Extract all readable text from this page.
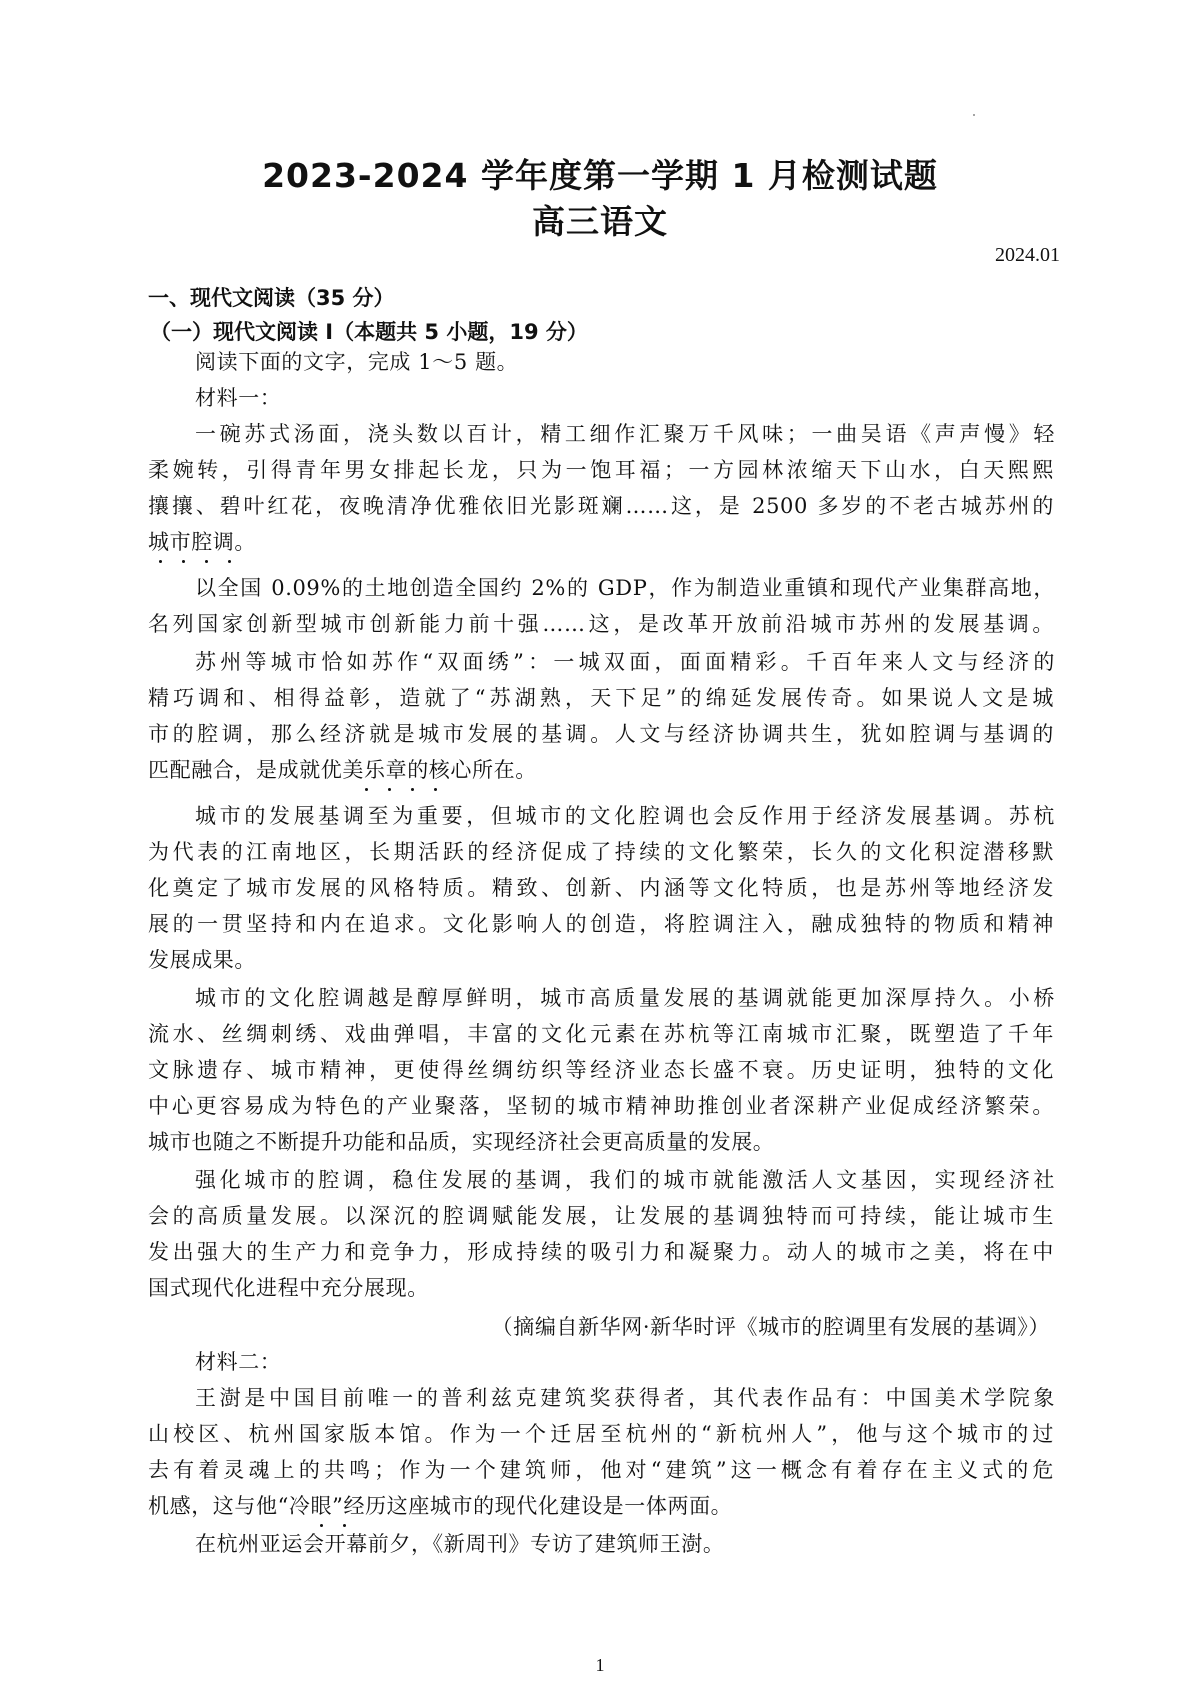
2023-2024 学年度第一学期 1 月检测试题
高三语文
2024.01
一、现代文阅读（35 分）
（一）现代文阅读 I（本题共 5 小题，19 分）
阅读下面的文字，完成 1～5 题。
材料一：
一碗苏式汤面，浇头数以百计，精工细作汇聚万千风味；一曲吴语《声声慢》轻
柔婉转，引得青年男女排起长龙，只为一饱耳福；一方园林浓缩天下山水，白天熙熙
攘攘、碧叶红花，夜晚清净优雅依旧光影斑斓……这，是 2500 多岁的不老古城苏州的
城市腔调。
以全国 0.09%的土地创造全国约 2%的 GDP，作为制造业重镇和现代产业集群高地，
名列国家创新型城市创新能力前十强……这，是改革开放前沿城市苏州的发展基调。
苏州等城市恰如苏作“双面绣”：一城双面，面面精彩。千百年来人文与经济的
精巧调和、相得益彰，造就了“苏湖熟，天下足”的绵延发展传奇。如果说人文是城
市的腔调，那么经济就是城市发展的基调。人文与经济协调共生，犹如腔调与基调的
匹配融合，是成就优美乐章的核心所在。
城市的发展基调至为重要，但城市的文化腔调也会反作用于经济发展基调。苏杭
为代表的江南地区，长期活跃的经济促成了持续的文化繁荣，长久的文化积淀潜移默
化奠定了城市发展的风格特质。精致、创新、内涵等文化特质，也是苏州等地经济发
展的一贯坚持和内在追求。文化影响人的创造，将腔调注入，融成独特的物质和精神
发展成果。
城市的文化腔调越是醇厚鲜明，城市高质量发展的基调就能更加深厚持久。小桥
流水、丝绸刺绣、戏曲弹唱，丰富的文化元素在苏杭等江南城市汇聚，既塑造了千年
文脉遗存、城市精神，更使得丝绸纺织等经济业态长盛不衰。历史证明，独特的文化
中心更容易成为特色的产业聚落，坚韧的城市精神助推创业者深耕产业促成经济繁荣。
城市也随之不断提升功能和品质，实现经济社会更高质量的发展。
强化城市的腔调，稳住发展的基调，我们的城市就能激活人文基因，实现经济社
会的高质量发展。以深沉的腔调赋能发展，让发展的基调独特而可持续，能让城市生
发出强大的生产力和竞争力，形成持续的吸引力和凝聚力。动人的城市之美，将在中
国式现代化进程中充分展现。
（摘编自新华网·新华时评《城市的腔调里有发展的基调》）
材料二：
王澍是中国目前唯一的普利兹克建筑奖获得者，其代表作品有：中国美术学院象
山校区、杭州国家版本馆。作为一个迁居至杭州的“新杭州人”，他与这个城市的过
去有着灵魂上的共鸣；作为一个建筑师，他对“建筑”这一概念有着存在主义式的危
机感，这与他“冷眼”经历这座城市的现代化建设是一体两面。
在杭州亚运会开幕前夕，《新周刊》专访了建筑师王澍。
1
